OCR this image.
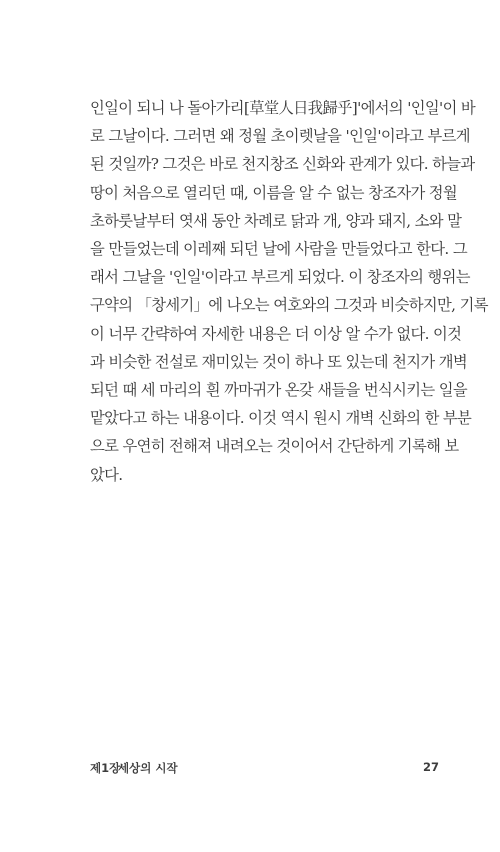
인일이 되니 나 돌아가리[草堂人日我歸乎]'에서의 '인일'이 바
로 그날이다. 그러면 왜 정월 초이렛날을 '인일'이라고 부르게
된 것일까? 그것은 바로 천지창조 신화와 관계가 있다. 하늘과
땅이 처음으로 열리던 때, 이름을 알 수 없는 창조자가 정월
초하룻날부터 엿새 동안 차례로 닭과 개, 양과 돼지, 소와 말
을 만들었는데 이레째 되던 날에 사람을 만들었다고 한다. 그
래서 그날을 '인일'이라고 부르게 되었다. 이 창조자의 행위는
구약의 「창세기」에 나오는 여호와의 그것과 비슷하지만, 기록
이 너무 간략하여 자세한 내용은 더 이상 알 수가 없다. 이것
과 비슷한 전설로 재미있는 것이 하나 또 있는데 천지가 개벽
되던 때 세 마리의 흰 까마귀가 온갖 새들을 번식시키는 일을
맡았다고 하는 내용이다. 이것 역시 원시 개벽 신화의 한 부분
으로 우연히 전해져 내려오는 것이어서 간단하게 기록해 보
았다.
제1장
세상의 시작	27
